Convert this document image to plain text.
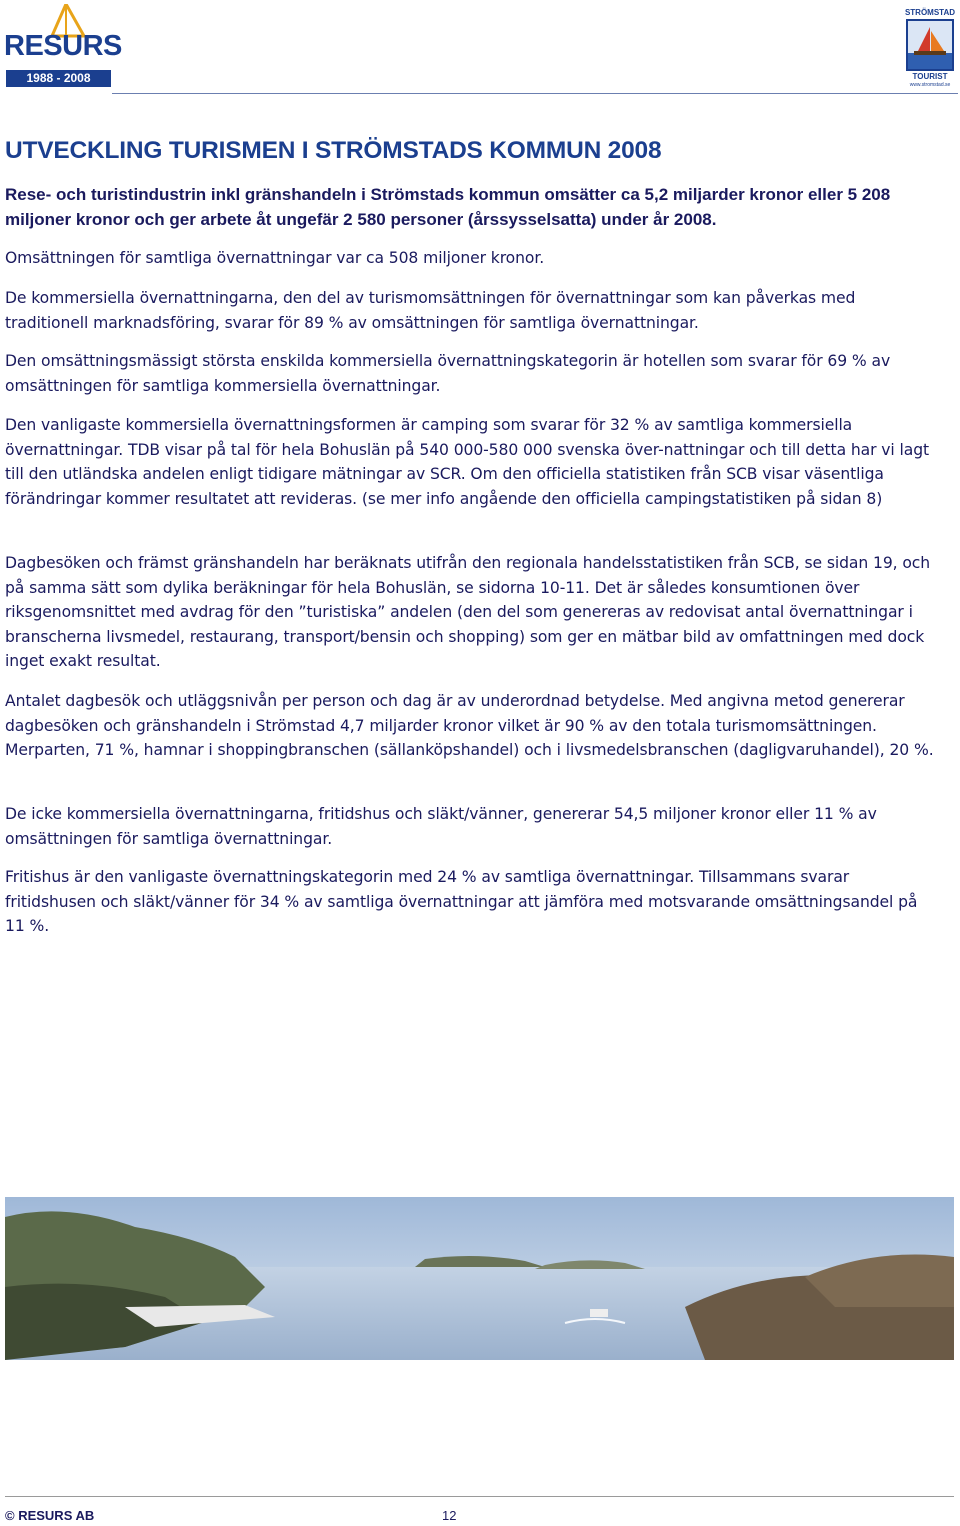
RESURS
1988 - 2008
STRÖMSTAD
TOURIST
www.stromstad.se
UTVECKLING TURISMEN I STRÖMSTADS KOMMUN 2008

Rese- och turistindustrin inkl gränshandeln i Strömstads kommun omsätter ca 5,2 miljarder kronor eller 5 208 miljoner kronor och ger arbete åt ungefär 2 580 personer (årssysselsatta) under år 2008.

Omsättningen för samtliga övernattningar var ca 508 miljoner kronor.

De kommersiella övernattningarna, den del av turismomsättningen för övernattningar som kan påverkas med traditionell marknadsföring, svarar för 89 % av omsättningen för samtliga övernattningar.

Den omsättningsmässigt största enskilda kommersiella övernattningskategorin är hotellen som svarar för 69 % av omsättningen för samtliga kommersiella övernattningar.

Den vanligaste kommersiella övernattningsformen är camping som svarar för 32 % av samtliga kommersiella övernattningar. TDB visar på tal för hela Bohuslän på 540 000-580 000 svenska över-nattningar och till detta har vi lagt till den utländska andelen enligt tidigare mätningar av SCR. Om den officiella statistiken från SCB visar väsentliga förändringar kommer resultatet att revideras. (se mer info angående den officiella campingstatistiken på sidan 8)

Dagbesöken och främst gränshandeln har beräknats utifrån den regionala handelsstatistiken från SCB, se sidan 19, och på samma sätt som dylika beräkningar för hela Bohuslän, se sidorna 10-11. Det är således konsumtionen över riksgenomsnittet med avdrag för den ”turistiska” andelen (den del som genereras av redovisat antal övernattningar i branscherna livsmedel, restaurang, transport/bensin och shopping) som ger en mätbar bild av omfattningen med dock inget exakt resultat.

Antalet dagbesök och utläggsnivån per person och dag är av underordnad betydelse. Med angivna metod genererar dagbesöken och gränshandeln i Strömstad 4,7 miljarder kronor vilket är 90 % av den totala turismomsättningen. Merparten, 71 %, hamnar i shoppingbranschen (sällanköpshandel) och i livsmedelsbranschen (dagligvaruhandel), 20 %.

De icke kommersiella övernattningarna, fritidshus och släkt/vänner, genererar 54,5 miljoner kronor eller 11 % av omsättningen för samtliga övernattningar.

Fritishus är den vanligaste övernattningskategorin med 24 % av samtliga övernattningar. Tillsammans svarar fritidshusen och släkt/vänner för 34 % av samtliga övernattningar att jämföra med motsvarande omsättningsandel på 11 %.

© RESURS AB	12
